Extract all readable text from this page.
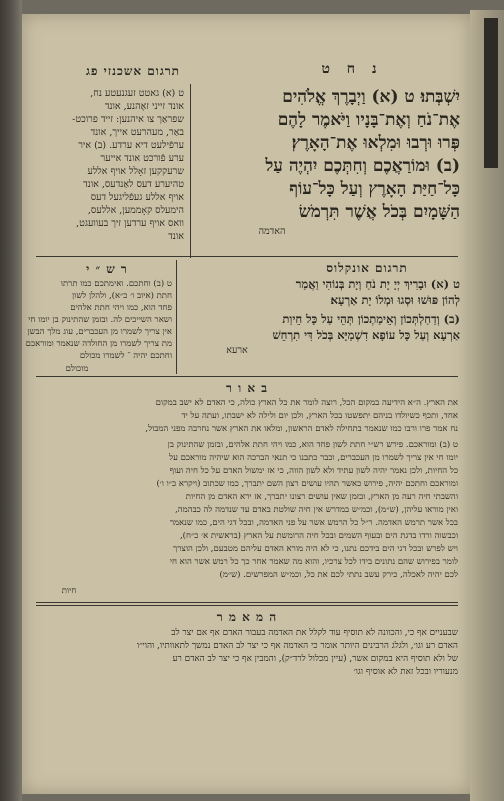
תרגום אשכנזי פג	נ ח ט
ט (א) גאטט זעגנעטע נח,
אונד זייני זאֶהנע, אונד
שפראַך צו איהנען: זייד פרוכט-
באַר, מעהרעט אייך, אונד
ערפֿילעט דיא ערדע. (ב) איר
ערע פֿורכט אונד אייער
שרעקקען זאָלל אויף אללע
טהיערע דעס לאַנדעס, אונד
אויף אללע געפֿליגעל דעס
הימעלס קאָממען, אללעס,
וואס אויף ערדען זיך בעוועגט,
אונד
יִשְׁבְּתוּ׃ ט (א) וַיְבָרֶךְ אֱלֹהִים
אֶת־נֹחַ וְאֶת־בָּנָיו וַיֹּאמֶר לָהֶם
פְּרוּ וּרְבוּ וּמִלְאוּ אֶת־הָאָרֶץ׃
(ב) וּמוֹרַאֲכֶם וְחִתְּכֶם יִהְיֶה עַל
כָּל־חַיַּת הָאָרֶץ וְעַל כָּל־עוֹף
הַשָּׁמָיִם בְּכֹל אֲשֶׁר תִּרְמֹשׂ
האדמה
תרגום אונקלוס
ט (א) וּבָרִיךְ יְיָ יָת נֹחַ וְיָת בְּנוֹהִי וַאֲמַר
לְהוֹן פּוּשׁוּ וּסְגוּ וּמְלוֹ יָת אַרְעָא׃
(ב) וְדַחַלְתְּכוֹן וְאֵימַתְכוֹן תְּהֵי עַל כָּל חֵיוַת
אַרְעָא וְעַל כָּל עוֹפָא דִשְׁמַיָּא בְּכֹל דִּי תִרְחֵשׁ
ארעא
ר ש ״ י
ט (ב) וחתכם. ואימתכם כמו תרתו
חתת (איוב ו׳ כ״א), ולהלן לשון
פחד הוא, כמו ויהי חתת אלהים
ושאר השייכים לה. ובזמן שהתינוק בן יומו חי
אין צריך לשמרו מן העכברים, עוג מלך הבשן
מת צריך לשמרו מן החולדה שנאמר ומוראכם
וחתכם יהיה ־ לשמרו מכולם
מוכולם
ב א ו ר
את הארץ. ה״א הידיעה במקום הכל, רוצה לומר את כל הארץ כולה, כי האדם לא ישב במקום
אחד, ותכף כשיולדו בניהם יתפשטו בכל הארץ, ולכן יום ולילה לא ישבתו, ועתה על יד
נח אמר פרו ורבו כמו שנאמר בתחילה לאדם הראשון, ומלאו את הארץ אשר נחרבה מפני המבול,
ט (ב) ומוראכם. פירש רש״י חתת לשון פחד הוא, כמו ויהי חתת אלהים, ובזמן שהתינוק בן
יומו חי אין צריך לשמרו מן העכברים, וכבר כתבנו כי תנאי הברכה הוא שיהיה מוראכם על
כל החיות, ולכן נאמר יהיה לשון עתיד ולא לשון הווה, כי אז ימשול האדם על כל חיה ועוף
ומוראכם וחתכם יהיה, פירוש כאשר תהיו עושים רצון השם יתברך, כמו שכתוב (ויקרא כ״ו ו׳)
והשבתי חיה רעה מן הארץ, ובזמן שאין עושים רצונו יתברך, אז ירא האדם מן החיות
ואין מוראו עליהן, (ש״מ), וכמ״ש במדרש אין חיה שולטת באדם עד שנדמה לה כבהמה,
בכל אשר תרמש האדמה. ר״ל כל הרמש אשר על פני האדמה, ובכל דגי הים, כמו שנאמר
וכבשוה ורדו בדגת הים ובעוף השמים ובכל חיה הרומשת על הארץ (בראשית א׳ כ״ח),
ויש לפרש ובכל דגי הים בידכם נתנו, כי לא היה מורא האדם עליהם מטבעם, ולכן הוצרך
לומר בפירוש שהם נתונים בידו לכל צרכיו, והוא מה שאמר אחר כך כל רמש אשר הוא חי
לכם יהיה לאכלה, כירק עשב נתתי לכם את כל, וכמ״ש המפרשים. (ש״מ)
חיות
ה מ א מ ר
שבעניים אף כי, והכוונה לא תוסיף עוד לקלל את האדמה בעבור האדם אף אם יצר לב
האדם רע וגו׳, ולגלג הרבינים היותר אומר כי האדמה אף כי יצר לב האדם נמשך לתאוותיו, והוי״ו
של ולא תוסיף היא במקום אשר, (עיין מכלול לרד״ק), והמבין אף כי יצר לב האדם רע
מנעוריו ובכל זאת לא אוסיף וגו׳
